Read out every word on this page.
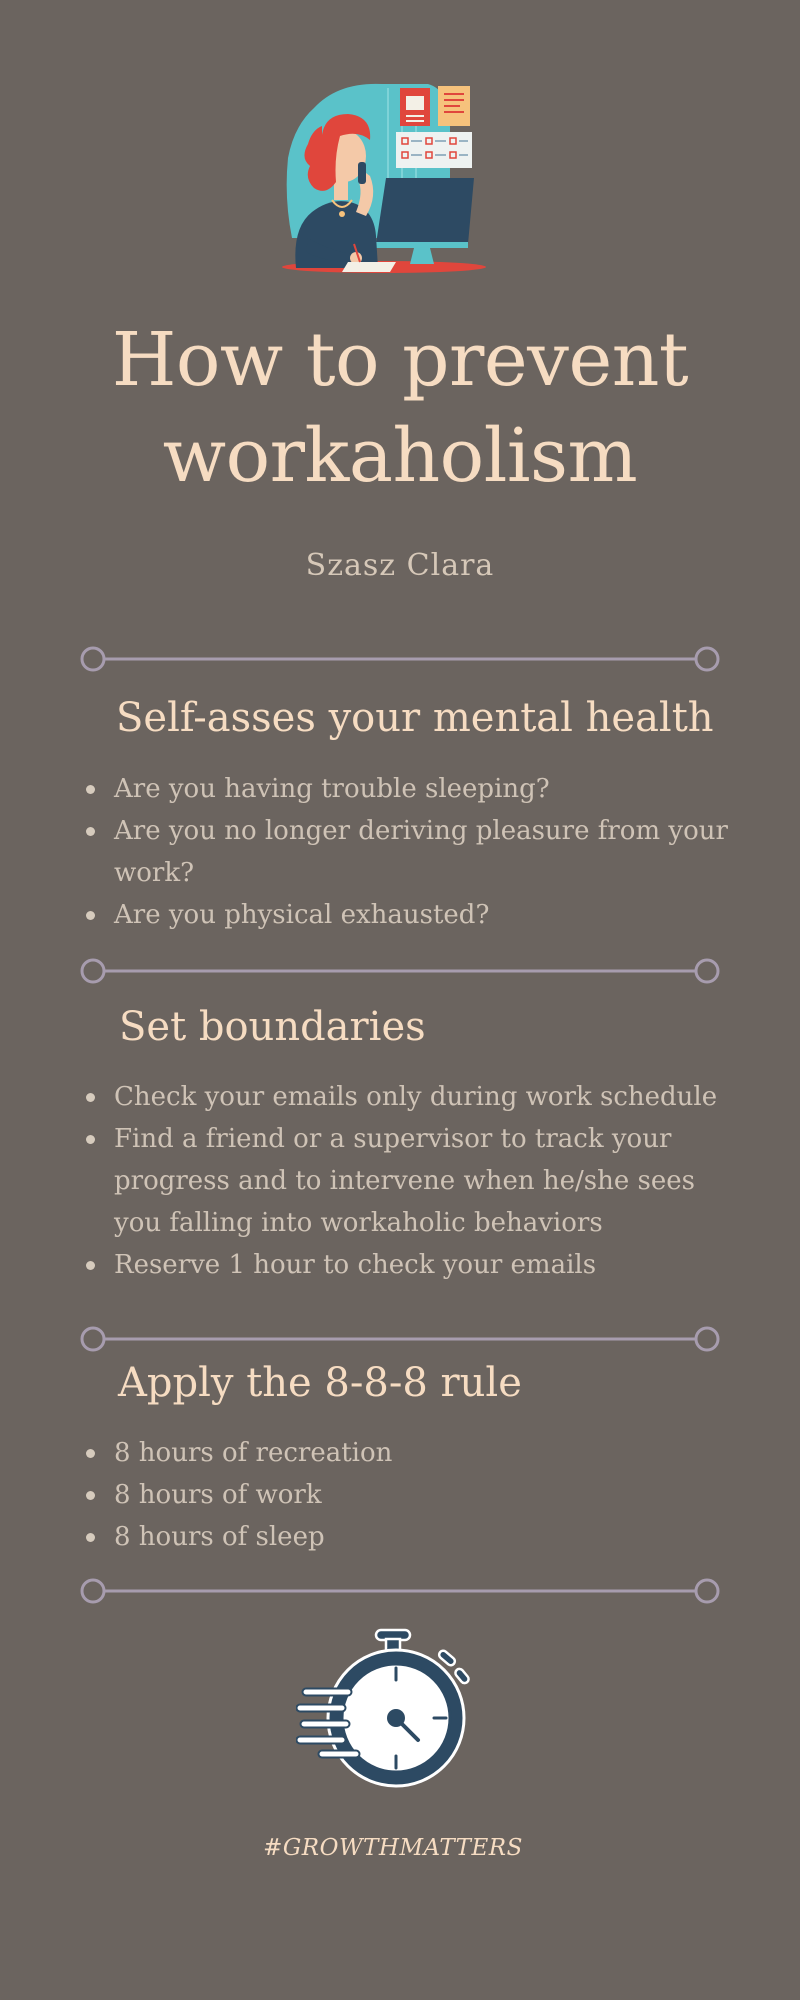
How to prevent
workaholism
Szasz Clara
Self-asses your mental health
Are you having trouble sleeping?
Are you no longer deriving pleasure from your work?
Are you physical exhausted?
Set boundaries
Check your emails only during work schedule
Find a friend or a supervisor to track your progress and to intervene when he/she sees you falling into workaholic behaviors
Reserve 1 hour to check your emails
Apply the 8-8-8 rule
8 hours of recreation
8 hours of work
8 hours of sleep
#GROWTHMATTERS
